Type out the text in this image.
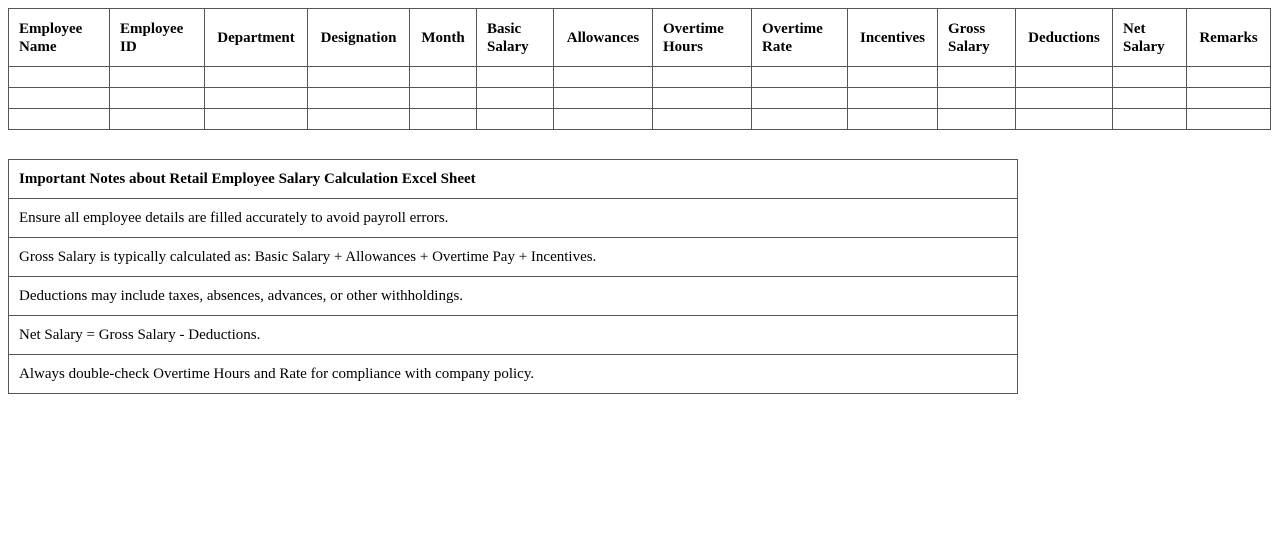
Employee Name	Employee ID	Department	Designation	Month	Basic Salary	Allowances	Overtime Hours	Overtime Rate	Incentives	Gross Salary	Deductions	Net Salary	Remarks

Important Notes about Retail Employee Salary Calculation Excel Sheet
Ensure all employee details are filled accurately to avoid payroll errors.
Gross Salary is typically calculated as: Basic Salary + Allowances + Overtime Pay + Incentives.
Deductions may include taxes, absences, advances, or other withholdings.
Net Salary = Gross Salary - Deductions.
Always double-check Overtime Hours and Rate for compliance with company policy.
